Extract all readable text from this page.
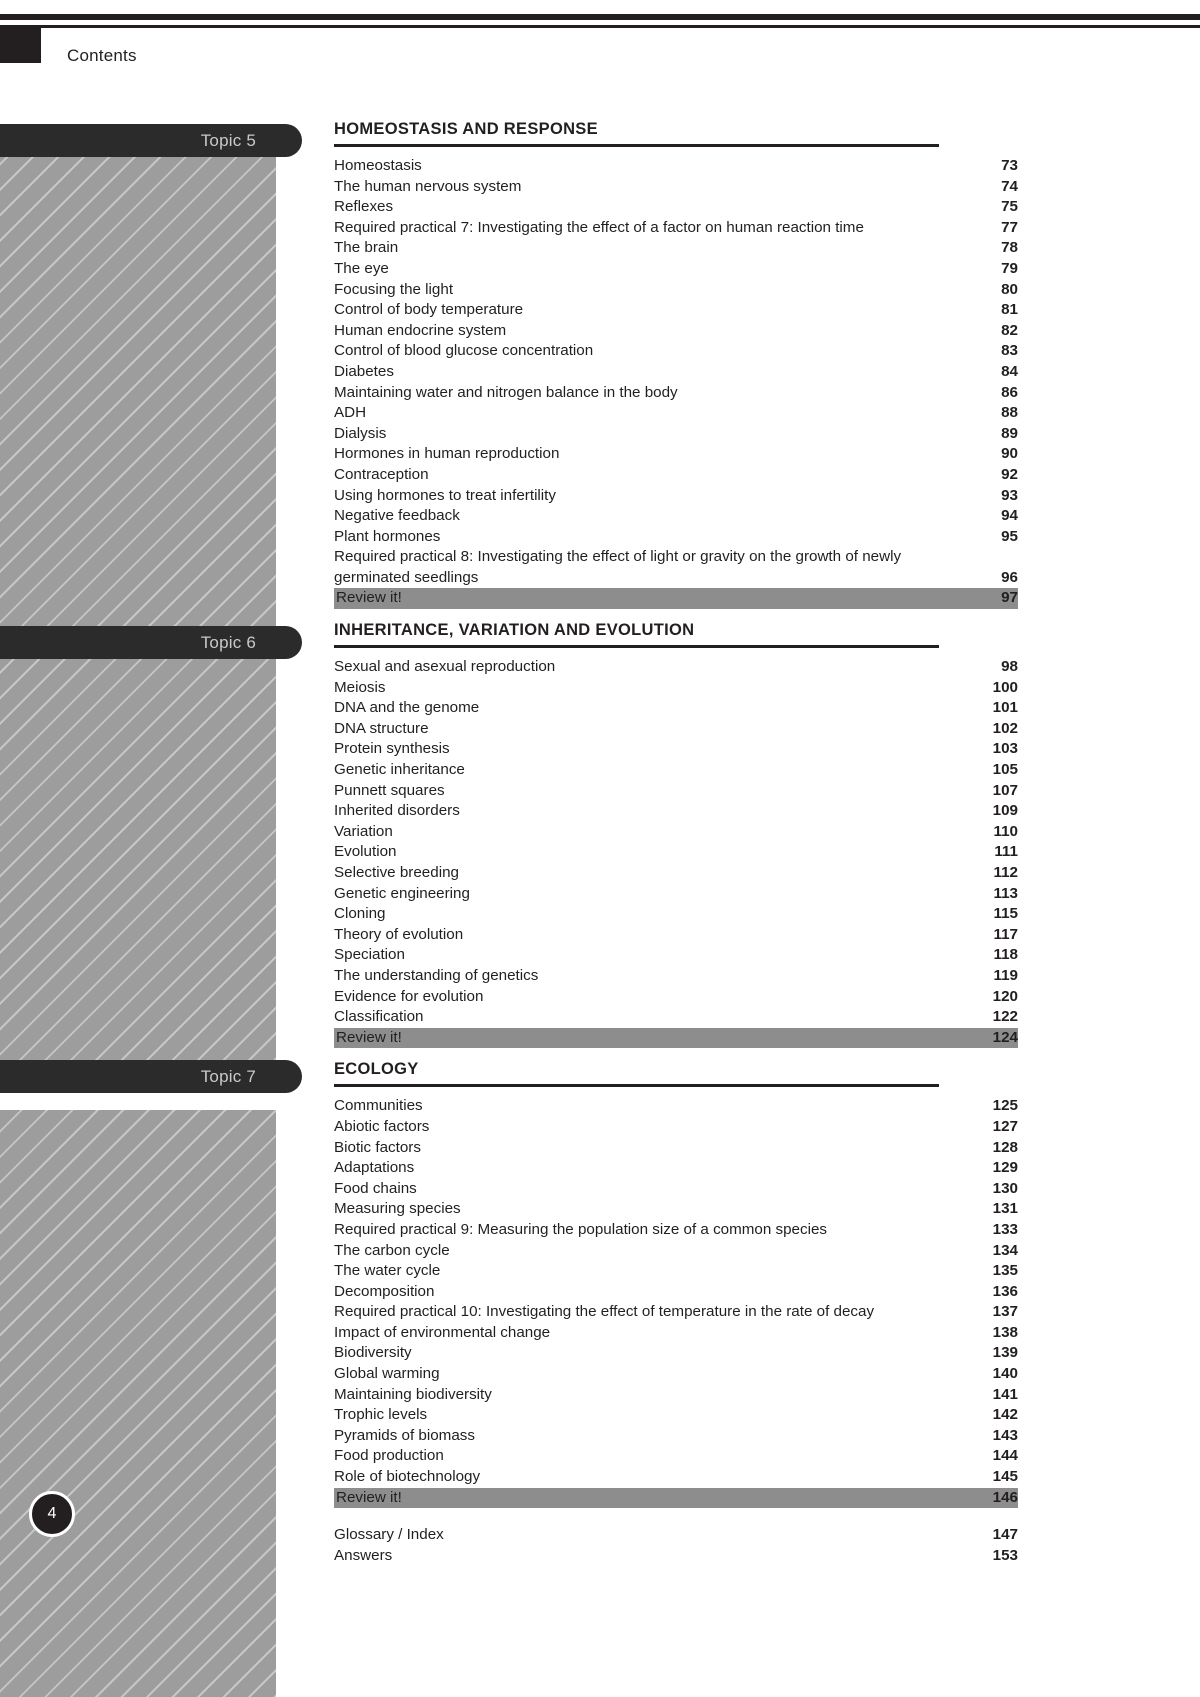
Contents
Topic 5
Topic 6
Topic 7
4
HOMEOSTASIS AND RESPONSE
Homeostasis	73
The human nervous system	74
Reflexes	75
Required practical 7: Investigating the effect of a factor on human reaction time	77
The brain	78
The eye	79
Focusing the light	80
Control of body temperature	81
Human endocrine system	82
Control of blood glucose concentration	83
Diabetes	84
Maintaining water and nitrogen balance in the body	86
ADH	88
Dialysis	89
Hormones in human reproduction	90
Contraception	92
Using hormones to treat infertility	93
Negative feedback	94
Plant hormones	95
Required practical 8: Investigating the effect of light or gravity on the growth of newly germinated seedlings	96
Review it!	97
INHERITANCE, VARIATION AND EVOLUTION
Sexual and asexual reproduction	98
Meiosis	100
DNA and the genome	101
DNA structure	102
Protein synthesis	103
Genetic inheritance	105
Punnett squares	107
Inherited disorders	109
Variation	110
Evolution	111
Selective breeding	112
Genetic engineering	113
Cloning	115
Theory of evolution	117
Speciation	118
The understanding of genetics	119
Evidence for evolution	120
Classification	122
Review it!	124
ECOLOGY
Communities	125
Abiotic factors	127
Biotic factors	128
Adaptations	129
Food chains	130
Measuring species	131
Required practical 9: Measuring the population size of a common species	133
The carbon cycle	134
The water cycle	135
Decomposition	136
Required practical 10: Investigating the effect of temperature in the rate of decay	137
Impact of environmental change	138
Biodiversity	139
Global warming	140
Maintaining biodiversity	141
Trophic levels	142
Pyramids of biomass	143
Food production	144
Role of biotechnology	145
Review it!	146
Glossary / Index	147
Answers	153
